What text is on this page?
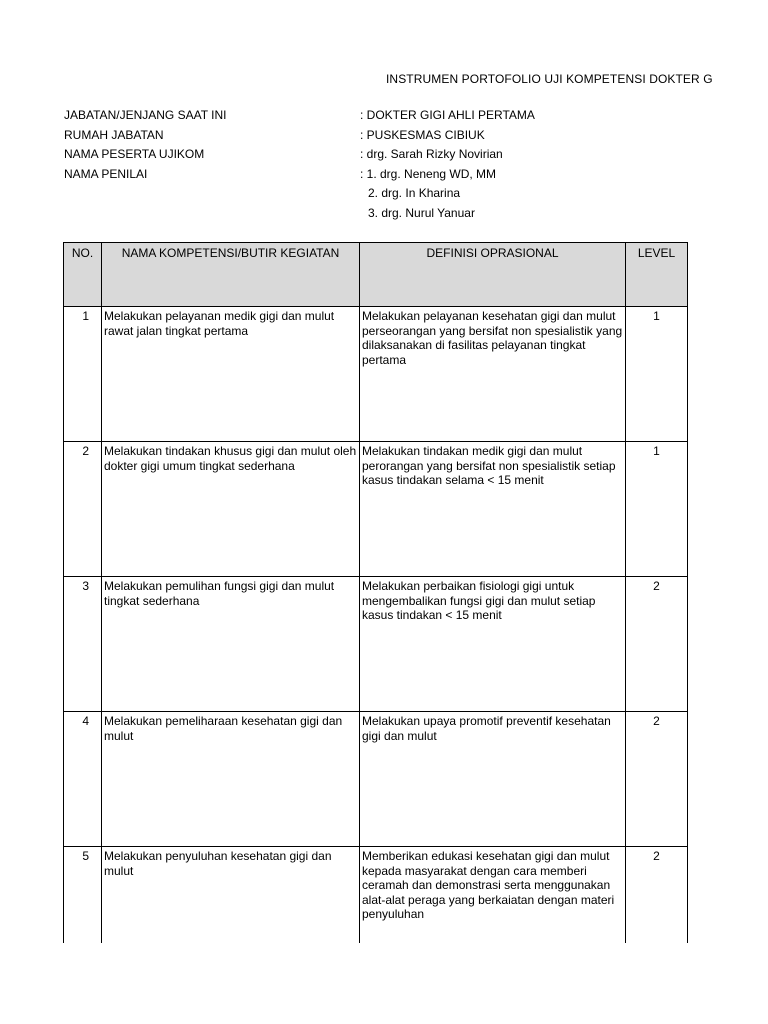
INSTRUMEN PORTOFOLIO UJI KOMPETENSI DOKTER G
JABATAN/JENJANG SAAT INI	: DOKTER GIGI AHLI PERTAMA
RUMAH JABATAN	: PUSKESMAS CIBIUK
NAMA PESERTA UJIKOM	: drg. Sarah Rizky Novirian
NAMA PENILAI	: 1. drg. Neneng WD, MM
2. drg. In Kharina
3. drg. Nurul Yanuar
NO.	NAMA KOMPETENSI/BUTIR KEGIATAN	DEFINISI OPRASIONAL	LEVEL
1	Melakukan pelayanan medik gigi dan mulut rawat jalan tingkat pertama	Melakukan pelayanan kesehatan gigi dan mulut perseorangan yang bersifat non spesialistik yang dilaksanakan di fasilitas pelayanan tingkat pertama	1
2	Melakukan tindakan khusus gigi dan mulut oleh dokter gigi umum tingkat sederhana	Melakukan tindakan medik gigi dan mulut perorangan yang bersifat non spesialistik setiap kasus tindakan selama < 15 menit	1
3	Melakukan pemulihan fungsi gigi dan mulut tingkat sederhana	Melakukan perbaikan fisiologi gigi untuk mengembalikan fungsi gigi dan mulut setiap kasus tindakan < 15 menit	2
4	Melakukan pemeliharaan kesehatan gigi dan mulut	Melakukan upaya promotif preventif kesehatan gigi dan mulut	2
5	Melakukan penyuluhan kesehatan gigi dan mulut	Memberikan edukasi kesehatan gigi dan mulut kepada masyarakat dengan cara memberi ceramah dan demonstrasi serta menggunakan alat-alat peraga yang berkaiatan dengan materi penyuluhan	2
